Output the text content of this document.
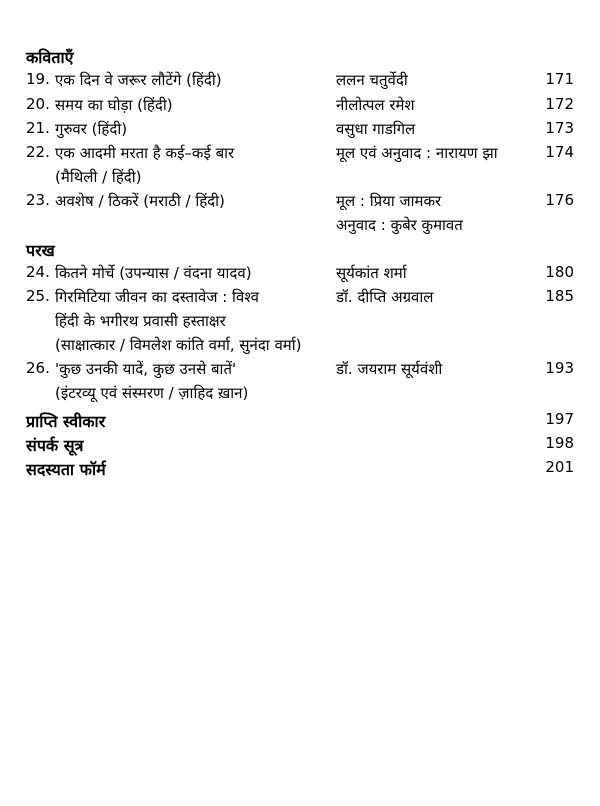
कविताएँ
19. एक दिन वे जरूर लौटेंगे (हिंदी)	ललन चतुर्वेदी	171
20. समय का घोड़ा (हिंदी)	नीलोत्पल रमेश	172
21. गुरुवर (हिंदी)	वसुधा गाडगिल	173
22. एक आदमी मरता है कई–कई बार	मूल एवं अनुवाद : नारायण झा	174
(मैथिली / हिंदी)
23. अवशेष / ठिकरें (मराठी / हिंदी)	मूल : प्रिया जामकर	176
अनुवाद : कुबेर कुमावत
परख
24. कितने मोर्चे (उपन्यास / वंदना यादव)	सूर्यकांत शर्मा	180
25. गिरमिटिया जीवन का दस्तावेज : विश्व	डॉ. दीप्ति अग्रवाल	185
हिंदी के भगीरथ प्रवासी हस्ताक्षर
(साक्षात्कार / विमलेश कांति वर्मा, सुनंदा वर्मा)
26. 'कुछ उनकी यादें, कुछ उनसे बातें'	डॉ. जयराम सूर्यवंशी	193
(इंटरव्यू एवं संस्मरण / ज़ाहिद ख़ान)
प्राप्ति स्वीकार	197
संपर्क सूत्र	198
सदस्यता फॉर्म	201
